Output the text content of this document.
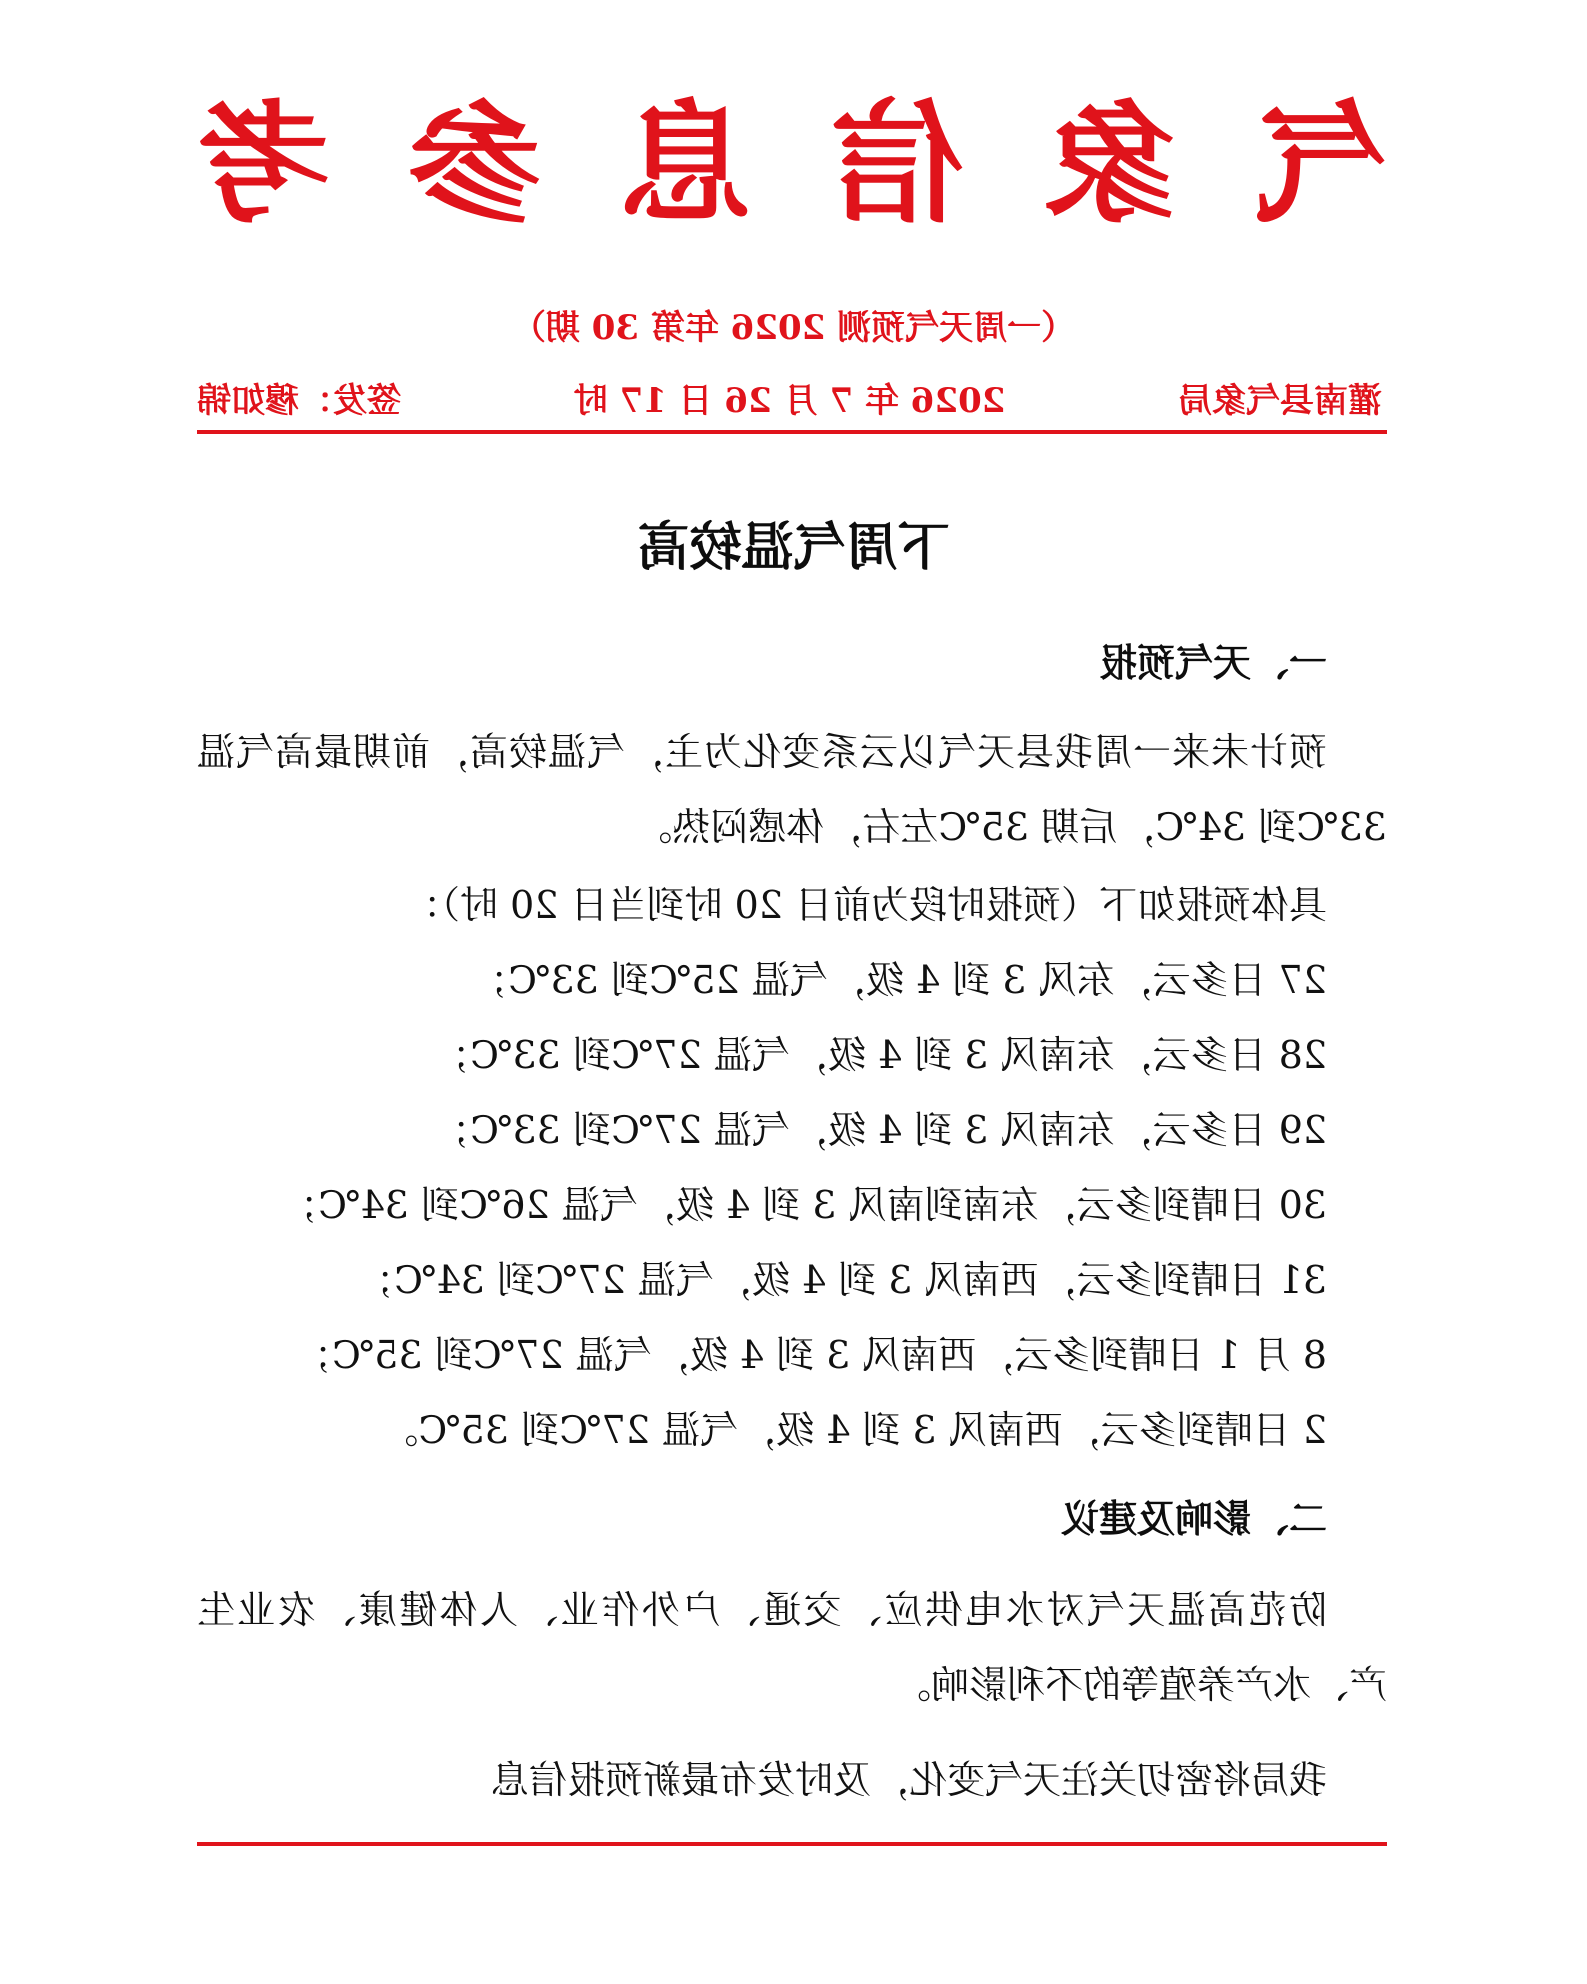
气
象
信
息
参
考
（一周天气预测 2026 年第 30 期）
灌南县气象局
2026 年 7 月 26 日 17 时
签发：穆如锦
下周气温较高
一、天气预报
预计未来一周我县天气以云系变化为主，气温较高，前期最高气温 33℃到 34℃，后期 35℃左右，体感闷热。
具体预报如下（预报时段为前日 20 时到当日 20 时）：
27 日多云，东风 3 到 4 级，气温 25℃到 33℃；
28 日多云，东南风 3 到 4 级，气温 27℃到 33℃；
29 日多云，东南风 3 到 4 级，气温 27℃到 33℃；
30 日晴到多云，东南到南风 3 到 4 级，气温 26℃到 34℃；
31 日晴到多云，西南风 3 到 4 级，气温 27℃到 34℃；
8 月 1 日晴到多云，西南风 3 到 4 级，气温 27℃到 35℃；
2 日晴到多云，西南风 3 到 4 级，气温 27℃到 35℃。
二、影响及建议
防范高温天气对水电供应、交通、户外作业、人体健康、农业生产、水产养殖等的不利影响。
我局将密切关注天气变化，及时发布最新预报信息
